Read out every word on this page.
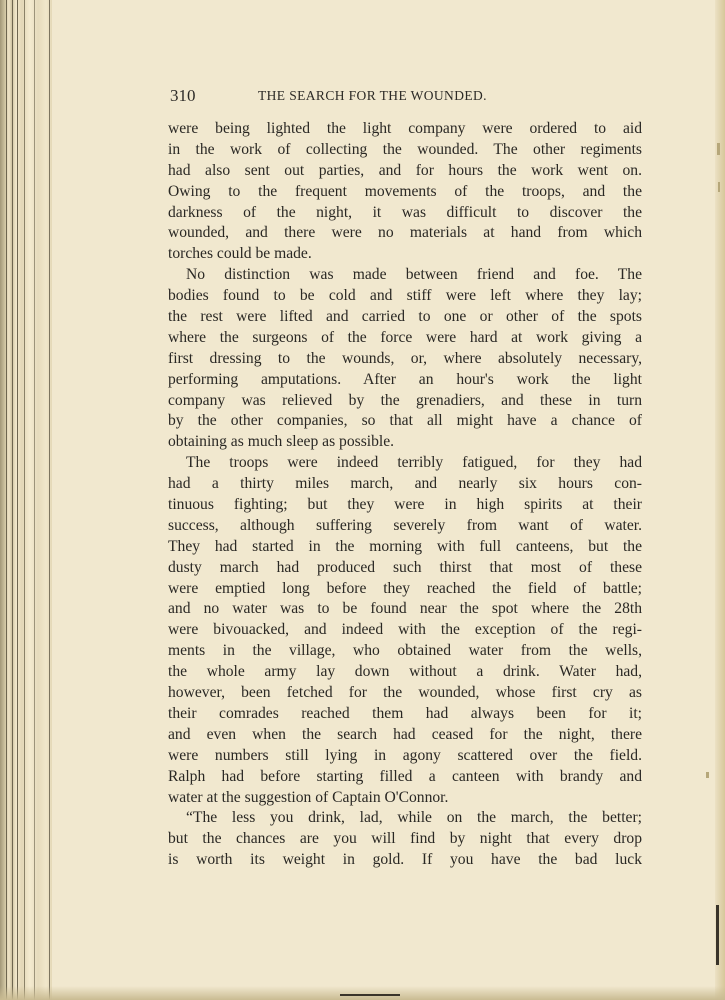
310	THE SEARCH FOR THE WOUNDED.
were being lighted the light company were ordered to aid
in the work of collecting the wounded. The other regiments
had also sent out parties, and for hours the work went on.
Owing to the frequent movements of the troops, and the
darkness of the night, it was difficult to discover the
wounded, and there were no materials at hand from which
torches could be made.
No distinction was made between friend and foe. The
bodies found to be cold and stiff were left where they lay;
the rest were lifted and carried to one or other of the spots
where the surgeons of the force were hard at work giving a
first dressing to the wounds, or, where absolutely necessary,
performing amputations. After an hour's work the light
company was relieved by the grenadiers, and these in turn
by the other companies, so that all might have a chance of
obtaining as much sleep as possible.
The troops were indeed terribly fatigued, for they had
had a thirty miles march, and nearly six hours con-
tinuous fighting; but they were in high spirits at their
success, although suffering severely from want of water.
They had started in the morning with full canteens, but the
dusty march had produced such thirst that most of these
were emptied long before they reached the field of battle;
and no water was to be found near the spot where the 28th
were bivouacked, and indeed with the exception of the regi-
ments in the village, who obtained water from the wells,
the whole army lay down without a drink. Water had,
however, been fetched for the wounded, whose first cry as
their comrades reached them had always been for it;
and even when the search had ceased for the night, there
were numbers still lying in agony scattered over the field.
Ralph had before starting filled a canteen with brandy and
water at the suggestion of Captain O'Connor.
“The less you drink, lad, while on the march, the better;
but the chances are you will find by night that every drop
is worth its weight in gold. If you have the bad luck
